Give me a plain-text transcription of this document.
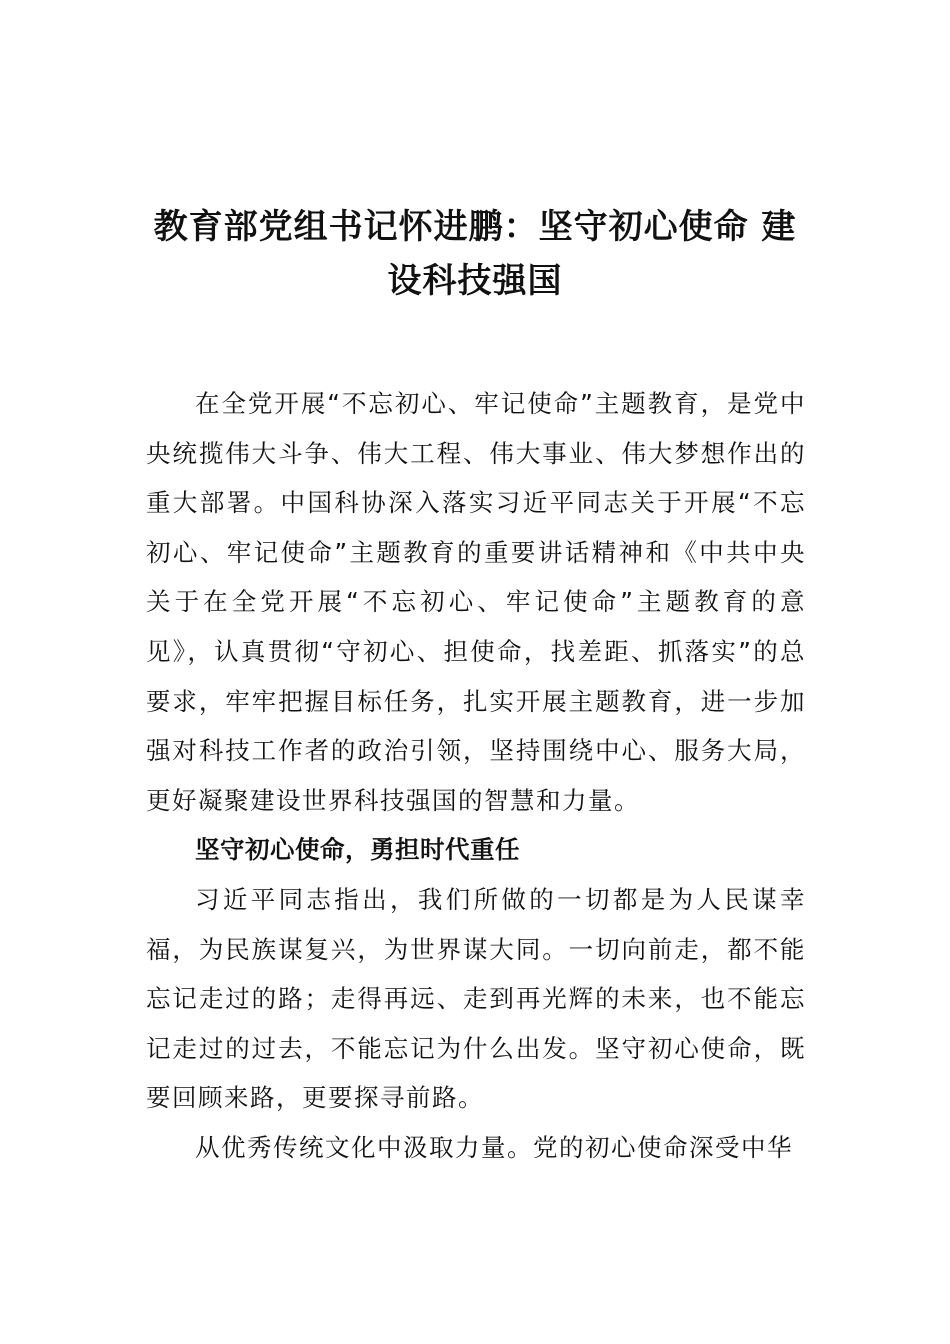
教育部党组书记怀进鹏：坚守初心使命 建设科技强国

在全党开展“不忘初心、牢记使命”主题教育，是党中央统揽伟大斗争、伟大工程、伟大事业、伟大梦想作出的重大部署。中国科协深入落实习近平同志关于开展“不忘初心、牢记使命”主题教育的重要讲话精神和《中共中央关于在全党开展“不忘初心、牢记使命”主题教育的意见》，认真贯彻“守初心、担使命，找差距、抓落实”的总要求，牢牢把握目标任务，扎实开展主题教育，进一步加强对科技工作者的政治引领，坚持围绕中心、服务大局，更好凝聚建设世界科技强国的智慧和力量。

坚守初心使命，勇担时代重任

习近平同志指出，我们所做的一切都是为人民谋幸福，为民族谋复兴，为世界谋大同。一切向前走，都不能忘记走过的路；走得再远、走到再光辉的未来，也不能忘记走过的过去，不能忘记为什么出发。坚守初心使命，既要回顾来路，更要探寻前路。

从优秀传统文化中汲取力量。党的初心使命深受中华
